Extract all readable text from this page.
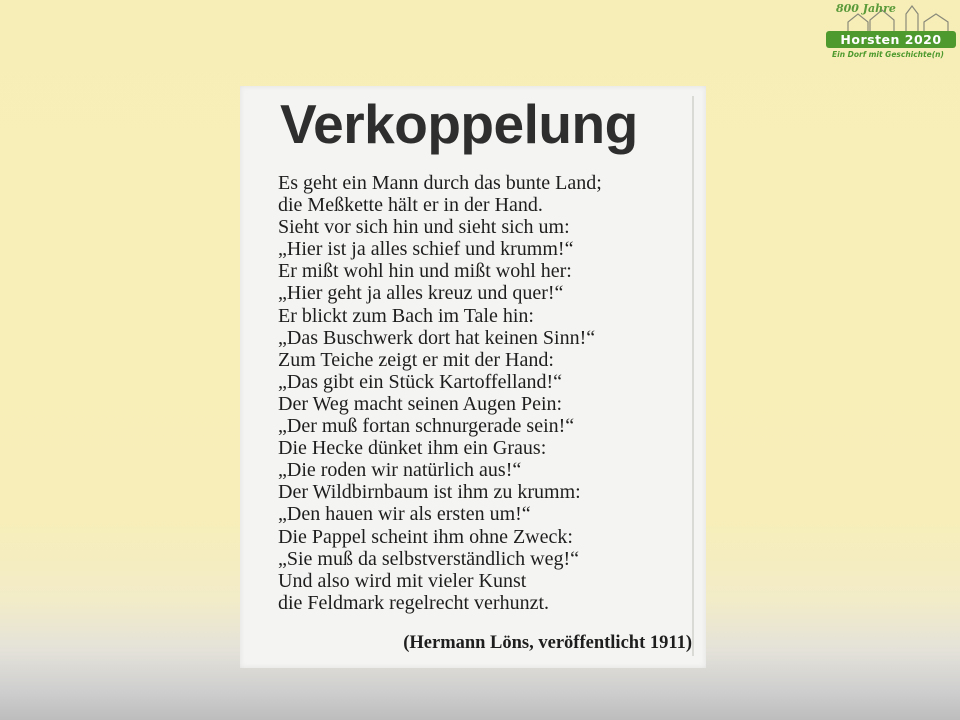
800 Jahre
Horsten 2020
Ein Dorf mit Geschichte(n)
Verkoppelung
Es geht ein Mann durch das bunte Land;
die Meßkette hält er in der Hand.
Sieht vor sich hin und sieht sich um:
„Hier ist ja alles schief und krumm!“
Er mißt wohl hin und mißt wohl her:
„Hier geht ja alles kreuz und quer!“
Er blickt zum Bach im Tale hin:
„Das Buschwerk dort hat keinen Sinn!“
Zum Teiche zeigt er mit der Hand:
„Das gibt ein Stück Kartoffelland!“
Der Weg macht seinen Augen Pein:
„Der muß fortan schnurgerade sein!“
Die Hecke dünket ihm ein Graus:
„Die roden wir natürlich aus!“
Der Wildbirnbaum ist ihm zu krumm:
„Den hauen wir als ersten um!“
Die Pappel scheint ihm ohne Zweck:
„Sie muß da selbstverständlich weg!“
Und also wird mit vieler Kunst
die Feldmark regelrecht verhunzt.
(Hermann Löns, veröffentlicht 1911)
